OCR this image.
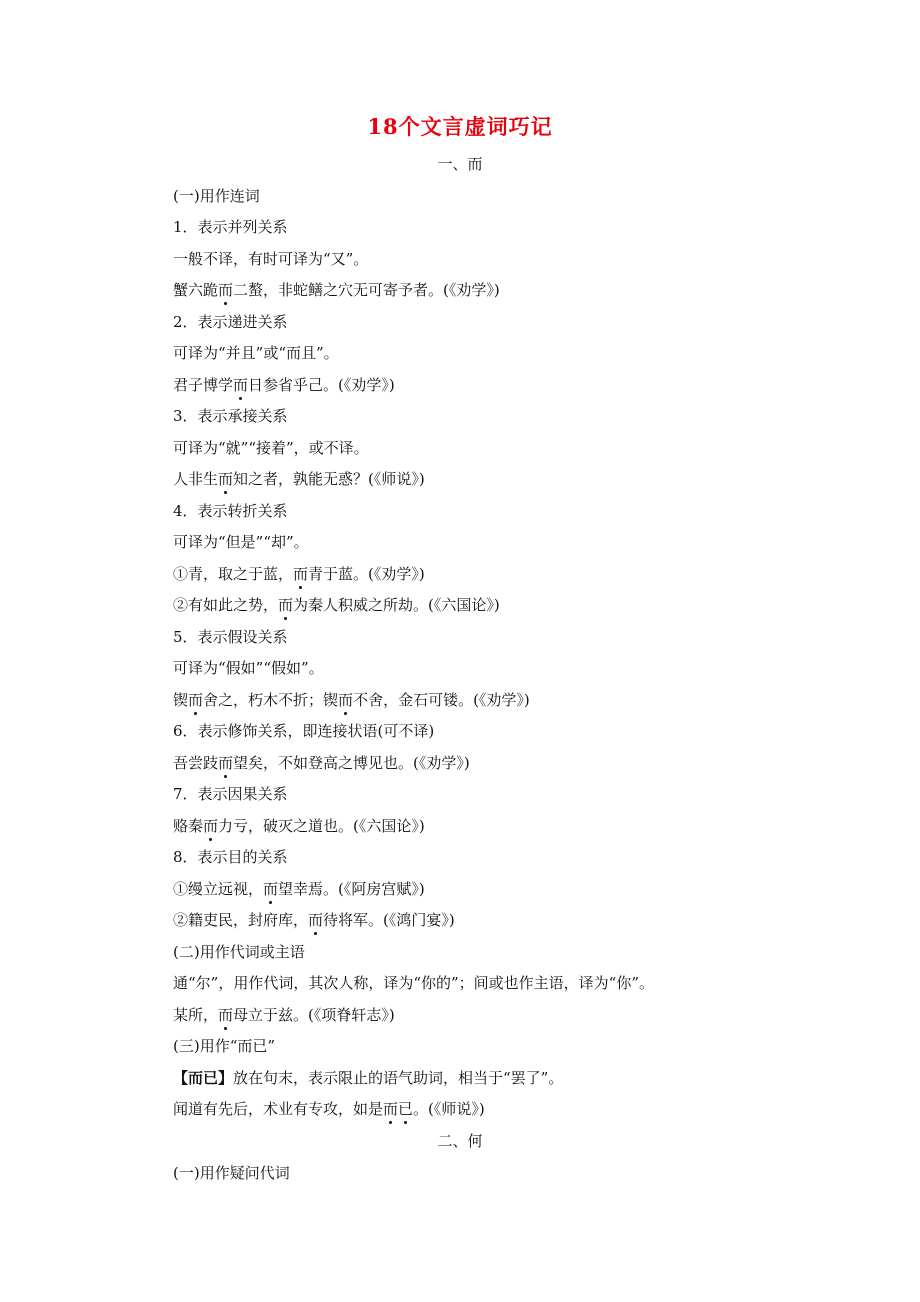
18个文言虚词巧记
一、而
(一)用作连词
1．表示并列关系
一般不译，有时可译为“又”。
蟹六跪而二螯，非蛇鳝之穴无可寄予者。(《劝学》)
2．表示递进关系
可译为“并且”或“而且”。
君子博学而日参省乎己。(《劝学》)
3．表示承接关系
可译为“就”“接着”，或不译。
人非生而知之者，孰能无惑？(《师说》)
4．表示转折关系
可译为“但是”“却”。
①青，取之于蓝，而青于蓝。(《劝学》)
②有如此之势，而为秦人积威之所劫。(《六国论》)
5．表示假设关系
可译为“假如”“假如”。
锲而舍之，朽木不折；锲而不舍，金石可镂。(《劝学》)
6．表示修饰关系，即连接状语(可不译)
吾尝跂而望矣，不如登高之博见也。(《劝学》)
7．表示因果关系
赂秦而力亏，破灭之道也。(《六国论》)
8．表示目的关系
①缦立远视，而望幸焉。(《阿房宫赋》)
②籍吏民，封府库，而待将军。(《鸿门宴》)
(二)用作代词或主语
通“尔”，用作代词，其次人称，译为“你的”；间或也作主语，译为“你”。
某所，而母立于兹。(《项脊轩志》)
(三)用作“而已”
【而已】放在句末，表示限止的语气助词，相当于“罢了”。
闻道有先后，术业有专攻，如是而已。(《师说》)
二、何
(一)用作疑问代词
